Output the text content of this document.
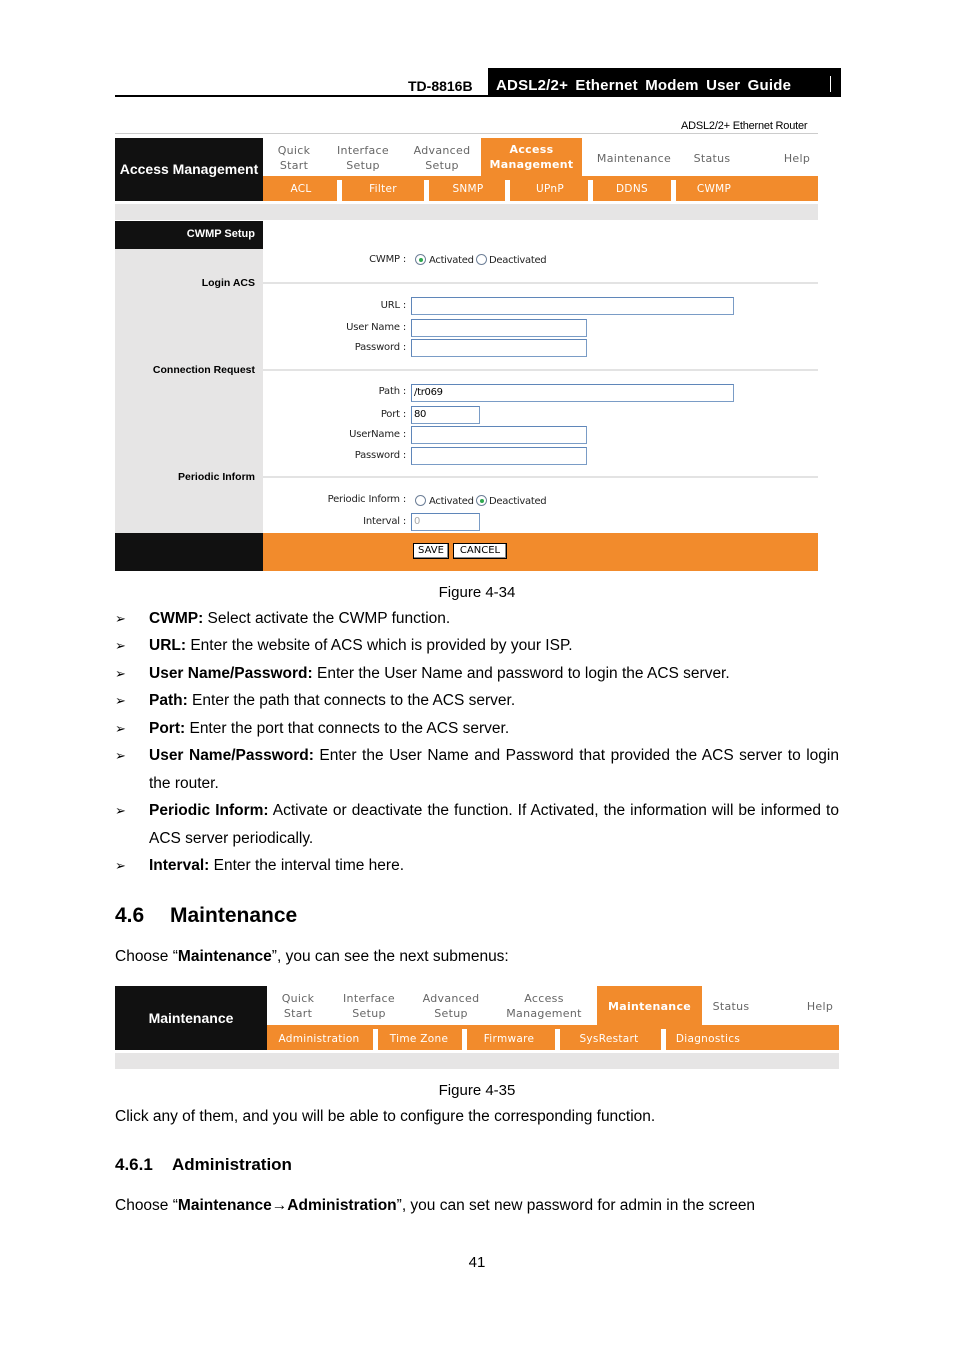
TD-8816B	ADSL2/2+ Ethernet Modem User Guide
ADSL2/2+ Ethernet Router
Access Management
Quick Start
Interface Setup
Advanced Setup
Access Management	Maintenance	Status	Help
ACL	Filter	SNMP	UPnP	DDNS	CWMP
CWMP Setup
Login ACS
Connection Request
Periodic Inform
CWMP : Activated Deactivated
URL :
User Name :
Password :
Path : /tr069
Port : 80
UserName :
Password :
Periodic Inform : Activated Deactivated
Interval : 0
SAVE	CANCEL
Figure 4-34
➢	CWMP: Select activate the CWMP function.
➢	URL: Enter the website of ACS which is provided by your ISP.
➢	User Name/Password: Enter the User Name and password to login the ACS server.
➢	Path: Enter the path that connects to the ACS server.
➢	Port: Enter the port that connects to the ACS server.
➢	User Name/Password: Enter the User Name and Password that provided the ACS server to login the router.
➢	Periodic Inform: Activate or deactivate the function. If Activated, the information will be informed to ACS server periodically.
➢	Interval: Enter the interval time here.
4.6 Maintenance
Choose “Maintenance”, you can see the next submenus:
Maintenance
Quick Start
Interface Setup
Advanced Setup
Access Management
Maintenance	Status	Help
Administration	Time Zone	Firmware	SysRestart	Diagnostics
Figure 4-35
Click any of them, and you will be able to configure the corresponding function.
4.6.1 Administration
Choose “Maintenance→Administration”, you can set new password for admin in the screen
41
